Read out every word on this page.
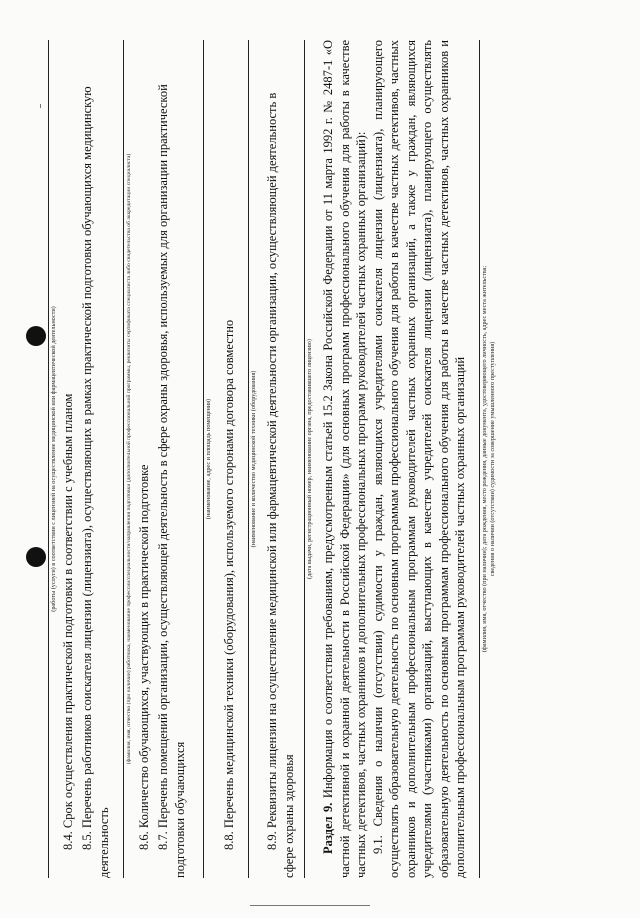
(работы (услуги) в соответствии с лицензией на осуществление медицинской или фармацевтической деятельности) 8.4. Срок осуществления практической подготовки в соответствии с учебным планом 8.5. Перечень работников соискателя лицензии (лицензиата), осуществляющих в рамках практической подготовки обучающихся медицинскую деятельность
(фамилия, имя, отчество (при наличии) работника, наименование профессии/специальности/направления подготовки (дополнительной профессиональной программы, реквизиты сертификата специалиста либо свидетельства об аккредитации специалиста) 8.6. Количество обучающихся, участвующих в практической подготовке 8.7. Перечень помещений организации, осуществляющей деятельность в сфере охраны здоровья, используемых для организации практической подготовки обучающихся
(наименование, адрес и площадь помещения) 8.8. Перечень медицинской техники (оборудования), используемого сторонами договора совместно	(наименование и количество медицинской техники (оборудования) 8.9. Реквизиты лицензии на осуществление медицинской или фармацевтической деятельности организации, осуществляющей деятельность в сфере охраны здоровья
(дата выдачи, регистрационный номер, наименование органа, предоставившего лицензию)

Раздел 9. Информация о соответствии требованиям, предусмотренным статьей 15.2 Закона Российской Федерации от 11 марта 1992 г. № 2487-1 «О частной детективной и охранной деятельности в Российской Федерации» (для основных программ профессионального обучения для работы в качестве частных детективов, частных охранников и дополнительных профессиональных программ руководителей частных охранных организаций): 9.1. Сведения о наличии (отсутствии) судимости у граждан, являющихся учредителями соискателя лицензии (лицензиата), планирующего осуществлять образовательную деятельность по основным программам профессионального обучения для работы в качестве частных детективов, частных охранников и дополнительным профессиональным программам руководителей частных охранных организаций, а также у граждан, являющихся учредителями (участниками) организаций, выступающих в качестве учредителей соискателя лицензии (лицензиата), планирующего осуществлять образовательную деятельность по основным программам профессионального обучения для работы в качестве частных детективов, частных охранников и дополнительным профессиональным программам руководителей частных охранных организаций (фамилия, имя, отчество (при наличии); дата рождения, место рождения, данные документа, удостоверяющего личность, адрес места жительства; сведения о наличии (отсутствии) судимости за совершение умышленного преступления)
